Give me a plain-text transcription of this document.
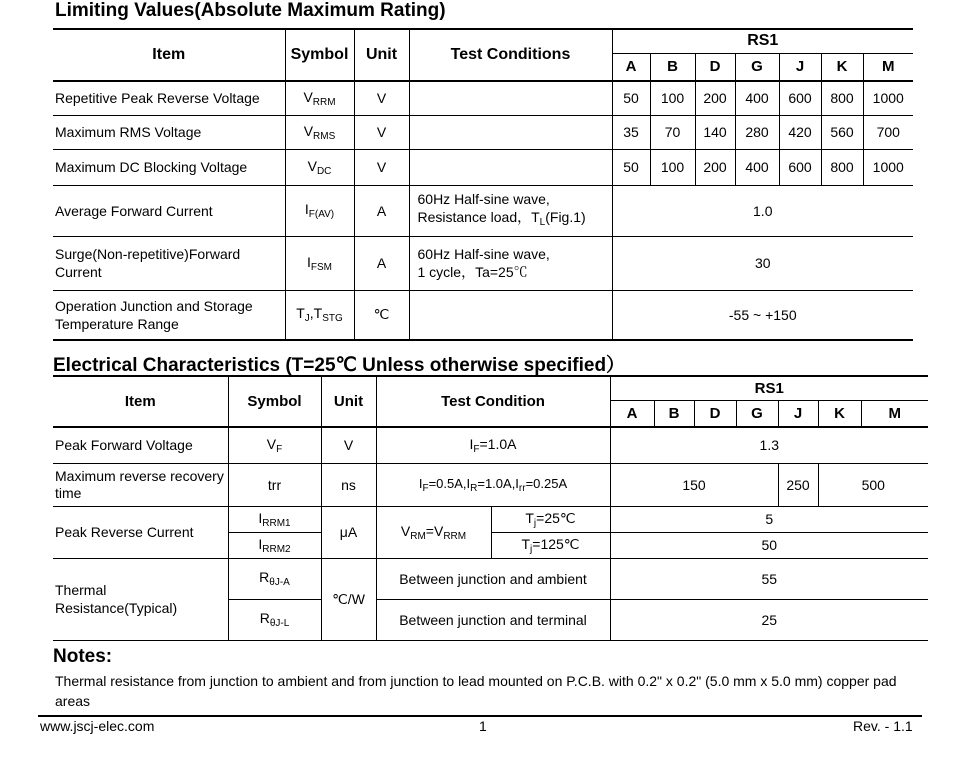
Limiting Values(Absolute Maximum Rating)
Item	Symbol	Unit	Test Conditions	RS1						
				A	B	D	G	J	K	M
Repetitive Peak Reverse Voltage	$V_{RRM}$	V		50	100	200	400	600	800	1000
Maximum RMS Voltage	$V_{RMS}$	V		35	70	140	280	420	560	700
Maximum DC Blocking Voltage	$V_{DC}$	V		50	100	200	400	600	800	1000
Average Forward Current	$I_{F(AV)}$	A	60Hz Half-sine wave,
Resistance load，$T_L(Fig.1)$	1.0						
Surge(Non-repetitive)Forward Current	$I_{FSM}$	A	60Hz Half-sine wave,
1 cycle，Ta=25℃	30						
Operation Junction and Storage Temperature Range	$T_J,T_{STG}$	℃		-55 ~ +150						
Electrical Characteristics (T=25℃ Unless otherwise specified）
Item	Symbol	Unit	Test Condition		RS1						
					A	B	D	G	J	K	M
Peak Forward Voltage	$V_F$	V	$I_F=1.0A$		1.3						
Maximum reverse recovery time	trr	ns	$I_F=0.5A,I_R=1.0A,I_{rr}=0.25A$		150				250	500	
Peak Reverse Current	$I_{RRM1}$	μA	$V_{RM}=V_{RRM}$	$T_j=25℃$	5						
	$I_{RRM2}$			$T_j=125℃$	50						
Thermal Resistance(Typical)	$R_{\theta J-A}$	℃/W	Between junction and ambient		55						
	$R_{\theta J-L}$		Between junction and terminal		25						
Notes:

Thermal resistance from junction to ambient and from junction to lead mounted on P.C.B. with 0.2" x 0.2" (5.0 mm x 5.0 mm) copper pad areas

www.jscj-elec.com	1	Rev. - 1.1
